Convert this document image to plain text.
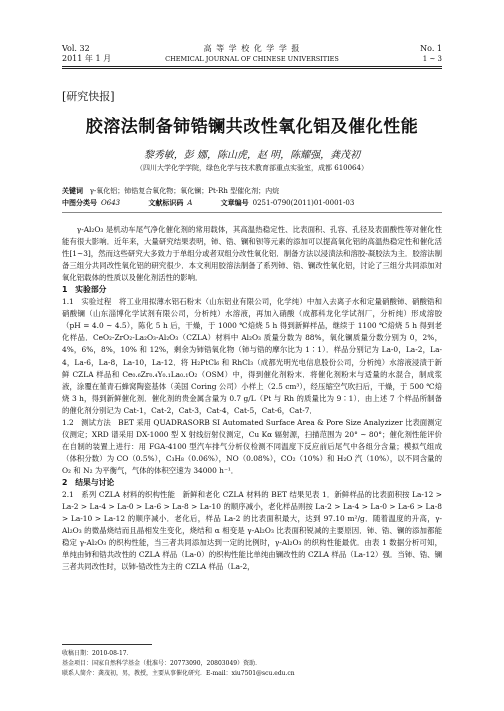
Vol. 32
2011 年 1 月
高 等 学 校 化 学 学 报
CHEMICAL JOURNAL OF CHINESE UNIVERSITIES
No. 1
1 ~ 3
[研究快报]
胶溶法制备铈锆镧共改性氧化铝及催化性能
黎秀敏，彭 娜，陈山虎，赵 明，陈耀强，龚茂初
（四川大学化学学院，绿色化学与技术教育部重点实验室，成都 610064）
关键词 γ-氧化铝；铈锆复合氧化物；氧化镧；Pt-Rh 型催化剂；内烷
中图分类号 O643	文献标识码 A	文章编号 0251-0790(2011)01-0001-03

γ-Al₂O₃ 是机动车尾气净化催化剂的常用载体，其高温热稳定性、比表面积、孔容、孔径及表面酸性等对催化性能有很大影响．近年来，大量研究结果表明，铈、锆、镧和钡等元素的添加可以提高氧化铝的高温热稳定性和催化活性[1~3]，然而这些研究大多致力于单组分或者双组分改性氧化铝．制备方法以浸渍法和溶胶-凝胶法为主．胶溶法制备三组分共同改性氧化铝的研究很少．本文利用胶溶法制备了系列铈、锆、镧改性氧化铝，讨论了三组分共同添加对氧化铝载体的性质以及催化剂活性的影响．

1　实验部分

1.1　实验过程　 将工业用拟薄水铝石粉末（山东铝业有限公司，化学纯）中加入去离子水和定量硝酸铈、硝酸锆和硝酸镧（山东淄博化学试剂有限公司，分析纯）水溶液，再加入硝酸（成都科龙化学试剂厂，分析纯）形成溶胶（pH = 4.0 ~ 4.5），陈化 5 h 后，干燥，于 1000 ℃焙烧 5 h 得到新鲜样品，继续于 1100 ℃焙烧 5 h 得到老化样品．CeO₂-ZrO₂-La₂O₃-Al₂O₃（CZLA）材料中 Al₂O₃ 质量分数为 88%，氧化镧质量分数分别为 0，2%，4%，6%，8%，10% 和 12%，剩余为铈锆氧化物（铈与锆的摩尔比为 1∶1）．样品分别记为 La-0，La-2，La-4，La-6，La-8，La-10，La-12．将 H₂PtCl₆ 和 RhCl₃（成都光明光电信息股份公司，分析纯）水溶液浸渍于新鲜 CZLA 样品和 Ce₀.₆Zr₀.₄Y₀.₁La₀.₁O₂（OSM）中，得到催化剂粉末．将催化剂粉末与适量的水混合，制成浆液，涂覆在堇青石蜂窝陶瓷基体（美国 Coring 公司）小样上（2.5 cm³），经压缩空气吹扫后，干燥，于 500 ℃焙烧 3 h，得到新鲜催化剂．催化剂的贵金属含量为 0.7 g/L（Pt 与 Rh 的质量比为 9∶1）．由上述 7 个样品所制备的催化剂分别记为 Cat-1，Cat-2，Cat-3，Cat-4，Cat-5，Cat-6，Cat-7．

1.2　测试方法　 BET 采用 QUADRASORB SI Automated Surface Area & Pore Size Analyzizer 比表面测定仪测定；XRD 谱采用 DX-1000 型 X 射线衍射仪测定，Cu Kα 辐射源，扫描范围为 20° ~ 80°；催化剂性能评价在自制的装置上进行：用 FGA-4100 型汽车排气分析仪检测不同温度下反应前后尾气中各组分含量；模拟气组成（体积分数）为 CO（0.5%），C₃H₈（0.06%），NO（0.08%），CO₂（10%）和 H₂O 汽（10%），以不同含量的 O₂ 和 N₂ 为平衡气，气体的体积空速为 34000 h⁻¹．

2　结果与讨论

2.1　系列 CZLA 材料的织构性能　 新鲜和老化 CZLA 材料的 BET 结果见表 1．新鲜样品的比表面积按 La-12 > La-2 > La-4 > La-0 > La-6 > La-8 > La-10 的顺序减小，老化样品则按 La-2 > La-4 > La-0 > La-6 > La-8 > La-10 > La-12 的顺序减小．老化后，样品 La-2 的比表面积最大，达到 97.10 m²/g．随着温度的升高，γ-Al₂O₃ 的微晶烧结而且晶相发生变化，烧结和 α 相变是 γ-Al₂O₃ 比表面积锐减的主要原因．铈、锆、镧的添加都能稳定 γ-Al₂O₃ 的织构性能，当三者共同添加达到一定的比例时，γ-Al₂O₃ 的织构性能最优．由表 1 数据分析可知，单纯由铈和锆共改性的 CZLA 样品（La-0）的织构性能比单纯由镧改性的 CZLA 样品（La-12）强．当铈、锆、镧三者共同改性时，以铈-锆改性为主的 CZLA 样品（La-2，

收稿日期：2010-08-17．
基金项目：国家自然科学基金（批准号：20773090，20803049）资助．
联系人简介：龚茂初，男，教授，主要从事催化研究．E-mail：xiu7501@scu.edu.cn
